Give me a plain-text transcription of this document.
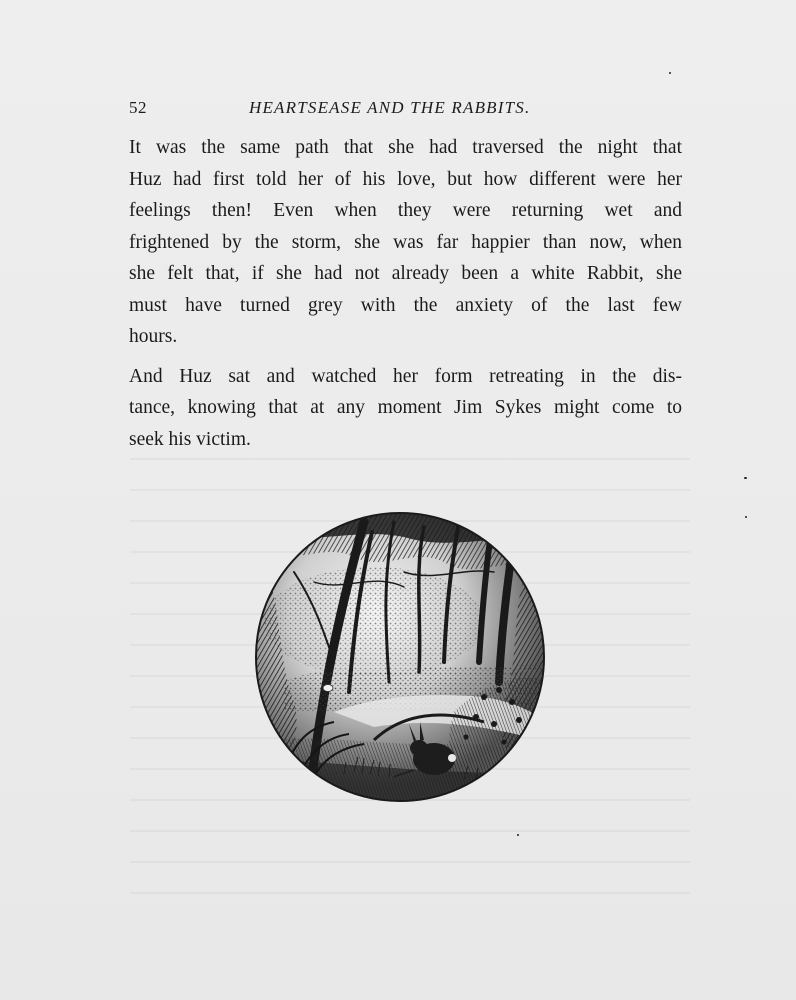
52	HEARTSEASE AND THE RABBITS.
It was the same path that she had traversed the night that
Huz had first told her of his love, but how different were her
feelings then! Even when they were returning wet and
frightened by the storm, she was far happier than now, when
she felt that, if she had not already been a white Rabbit, she
must have turned grey with the anxiety of the last few
hours.
And Huz sat and watched her form retreating in the dis-
tance, knowing that at any moment Jim Sykes might come to
seek his victim.
